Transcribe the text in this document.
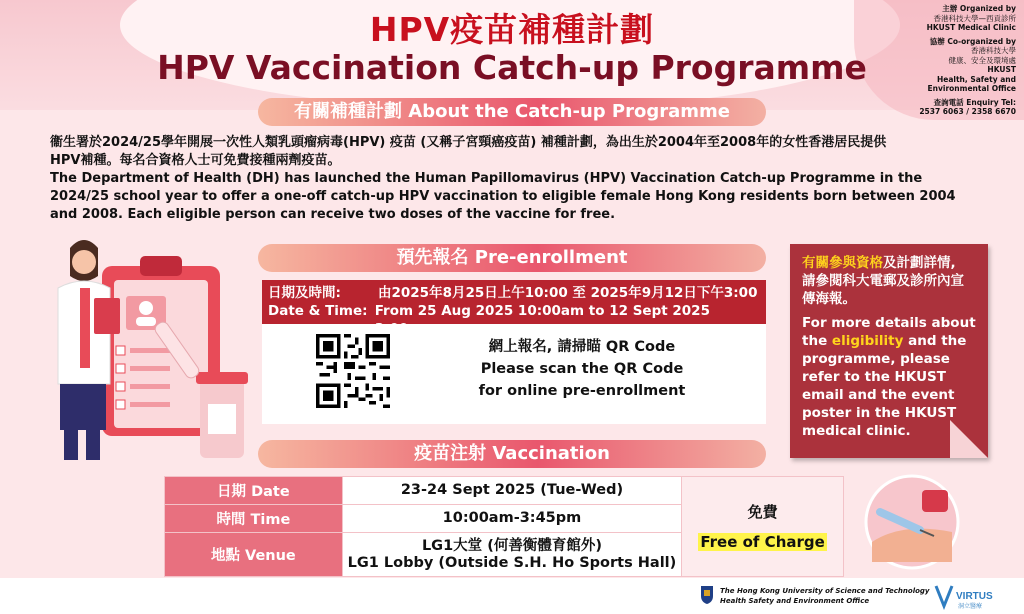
HPV疫苗補種計劃
HPV Vaccination Catch-up Programme
主辦 Organized by
香港科技大學—西貢診所
HKUST Medical Clinic
協辦 Co-organized by
香港科技大學
健康、安全及環境處
HKUST
Health, Safety and
Environmental Office
查詢電話 Enquiry Tel:
2537 6063 / 2358 6670
有關補種計劃 About the Catch-up Programme

衞生署於2024/25學年開展一次性人類乳頭瘤病毒(HPV) 疫苗 (又稱子宮頸癌疫苗) 補種計劃，為出生於2004年至2008年的女性香港居民提供

HPV補種。每名合資格人士可免費接種兩劑疫苗。

The Department of Health (DH) has launched the Human Papillomavirus (HPV) Vaccination Catch-up Programme in the

2024/25 school year to offer a one-off catch-up HPV vaccination to eligible female Hong Kong residents born between 2004

and 2008. Each eligible person can receive two doses of the vaccine for free.

預先報名 Pre-enrollment
日期及時間:	由2025年8月25日上午10:00 至 2025年9月12日下午3:00
Date & Time: From 25 Aug 2025 10:00am to 12 Sept 2025
網上報名, 請掃瞄 QR Code
Please scan the QR Code
for online pre-enrollment
有關參與資格及計劃詳情,
請參閱科大電郵及診所內宣
傳海報。
For more details about
the eligibility and the
programme, please
refer to the HKUST
email and the event
poster in the HKUST
medical clinic.
疫苗注射 Vaccination
日期 Date	23-24 Sept 2025 (Tue-Wed)	免費
Free of Charge

時間 Time	10:00am-3:45pm	
地點 Venue	LG1大堂 (何善衡體育館外)
LG1 Lobby (Outside S.H. Ho Sports Hall)	
The Hong Kong University of Science and Technology
Health Safety and Environment Office	VIRTUS
洞立醫療
